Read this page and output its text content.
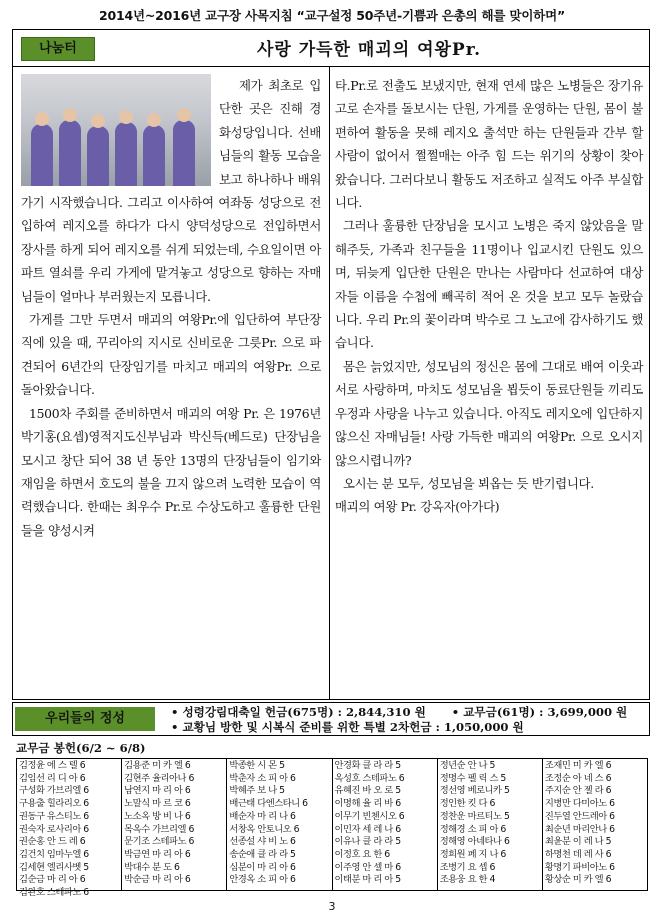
2014년~2016년 교구장 사목지침 “교구설정 50주년-기쁨과 은총의 해를 맞이하며”
나눔터	사랑 가득한 매괴의 여왕Pr.

제가 최초로 입단한 곳은 진해 경화성당입니다. 선배님들의 활동 모습을 보고 하나하나 배워가기 시작했습니다. 그리고 이사하여 여좌동 성당으로 전입하여 레지오를 하다가 다시 양덕성당으로 전입하면서 장사를 하게 되어 레지오를 쉬게 되었는데, 수요일이면 아파트 열쇠를 우리 가게에 맡겨놓고 성당으로 향하는 자매님들이 얼마나 부러웠는지 모릅니다.

가게를 그만 두면서 매괴의 여왕Pr.에 입단하여 부단장 직에 있을 때, 꾸리아의 지시로 신비로운 그릇Pr. 으로 파견되어 6년간의 단장임기를 마치고 매괴의 여왕Pr. 으로 돌아왔습니다.

1500차 주회를 준비하면서 매괴의 여왕 Pr. 은 1976년 박기홍(요셉)영적지도신부님과 박신득(베드로) 단장님을 모시고 창단 되어 38 년 동안 13명의 단장님들이 임기와 재임을 하면서 호도의 불을 끄지 않으려 노력한 모습이 역력했습니다. 한때는 최우수 Pr.로 수상도하고 훌륭한 단원들을 양성시켜

타.Pr.로 전출도 보냈지만, 현재 연세 많은 노병들은 장기유고로 손자를 돌보시는 단원, 가게를 운영하는 단원, 몸이 불편하여 활동을 못해 레지오 출석만 하는 단원들과 간부 할 사람이 없어서 쩔쩔매는 아주 힘 드는 위기의 상황이 찾아왔습니다. 그러다보니 활동도 저조하고 실적도 아주 부실합니다.

그러나 훌륭한 단장님을 모시고 노병은 죽지 않았음을 말해주듯, 가족과 친구들을 11명이나 입교시킨 단원도 있으며, 뒤늦게 입단한 단원은 만나는 사람마다 선교하여 대상자들 이름을 수첩에 빼곡히 적어 온 것을 보고 모두 놀랐습니다. 우리 Pr.의 꽃이라며 박수로 그 노고에 감사하기도 했습니다.

몸은 늙었지만, 성모님의 정신은 몸에 그대로 배여 이웃과 서로 사랑하며, 마치도 성모님을 뵙듯이 동료단원들 끼리도 우정과 사랑을 나누고 있습니다. 아직도 레지오에 입단하지 않으신 자매님들! 사랑 가득한 매괴의 여왕Pr. 으로 오시지 않으시렵니까?

오시는 분 모두, 성모님을 뵈옵는 듯 반기렵니다.

매괴의 여왕 Pr. 강옥자(아가다)

우리들의 정성	• 성령강림대축일 헌금(675명) : 2,844,310 원 • 교무금(61명) : 3,699,000 원
• 교황님 방한 및 시복식 준비를 위한 특별 2차헌금 : 1,050,000 원
교무금 봉헌(6/2 ~ 6/8)
김정윤 에 스 텔 6
김임선 리 디 아 6
구성화 가브리엘 6
구용출 힐라리오 6
권동구 유스티노 6
권숙자 로사리아 6
권순홍 안 드 레 6
김건치 임마누엘 6
김세현 엘리사벳 5
김순금 마 리 아 6
김완호 스테파노 6
김용준 미 카 엘 6
김현주 율리아나 6
남연지 마 리 아 6
노말식 마 르 코 6
노소옥 방 비 나 6
목옥수 가브리엘 6
문기조 스테파노 6
박금연 마 리 아 6
박대수 분 도 6
박순금 마 리 아 6
박종한 시 몬 5
박춘자 소 피 아 6
박혜주 보 나 5
배근태 다엔스타니 6
배순자 마 리 나 6
서창옥 안토니오 6
선종설 샤 비 노 6
송순애 클 라 라 5
심분이 마 리 아 6
안경옥 소 피 아 6
안경화 클 라 라 5
옥성호 스테파노 6
유혜진 바 오 로 5
이명해 율 리 바 6
이무기 빈첸시오 6
이민자 세 레 나 6
이유나 클 라 라 5
이정호 요 한 6
이주영 안 셀 마 6
이태분 마 리 아 5
정년순 안 나 5
정명수 펠 릭 스 5
정선영 베로니카 5
정인한 킷 다 6
정찬운 마르티노 5
정해경 소 피 아 6
정해영 아네타나 6
정희원 페 지 나 6
조병기 요 셉 6
조용웅 요 한 4
조재민 미 카 엘 6
조정순 아 네 스 6
주지순 안 젤 라 6
지병만 다미아노 6
진두열 안드레아 6
최순년 마리안나 6
최윤분 이 레 나 5
하명천 데 레 사 6
황명기 파비아노 6
황상순 미 카 엘 6
3
